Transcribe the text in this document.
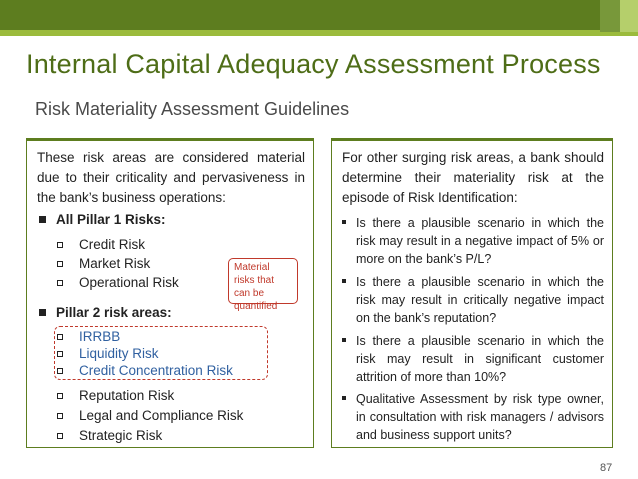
Internal Capital Adequacy Assessment Process
Risk Materiality Assessment Guidelines
These risk areas are considered material due to their criticality and pervasiveness in the bank’s business operations:
All Pillar 1 Risks:
Credit Risk
Market Risk
Operational Risk
Material risks that can be quantified
Pillar 2 risk areas:
IRRBB
Liquidity Risk
Credit Concentration Risk
Reputation Risk
Legal and Compliance Risk
Strategic Risk
For other surging risk areas, a bank should determine their materiality risk at the episode of Risk Identification:
Is there a plausible scenario in which the risk may result in a negative impact of 5% or more on the bank’s P/L?
Is there a plausible scenario in which the risk may result in critically negative impact on the bank’s reputation?
Is there a plausible scenario in which the risk may result in significant customer attrition of more than 10%?
Qualitative Assessment by risk type owner, in consultation with risk managers / advisors and business support units?
87
